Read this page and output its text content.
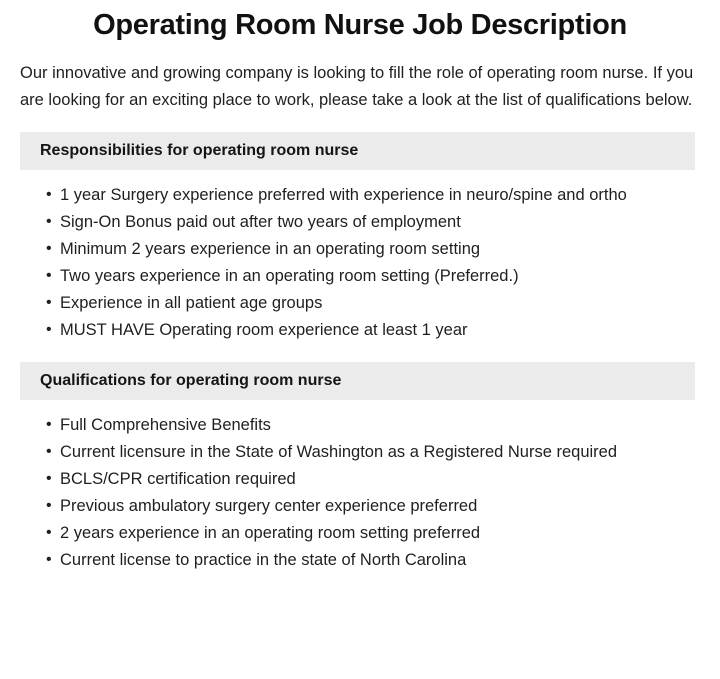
Operating Room Nurse Job Description

Our innovative and growing company is looking to fill the role of operating room nurse. If you are looking for an exciting place to work, please take a look at the list of qualifications below.

Responsibilities for operating room nurse
• 1 year Surgery experience preferred with experience in neuro/spine and ortho
• Sign-On Bonus paid out after two years of employment
• Minimum 2 years experience in an operating room setting
• Two years experience in an operating room setting (Preferred.)
• Experience in all patient age groups
• MUST HAVE Operating room experience at least 1 year
Qualifications for operating room nurse
• Full Comprehensive Benefits
• Current licensure in the State of Washington as a Registered Nurse required
• BCLS/CPR certification required
• Previous ambulatory surgery center experience preferred
• 2 years experience in an operating room setting preferred
• Current license to practice in the state of North Carolina
